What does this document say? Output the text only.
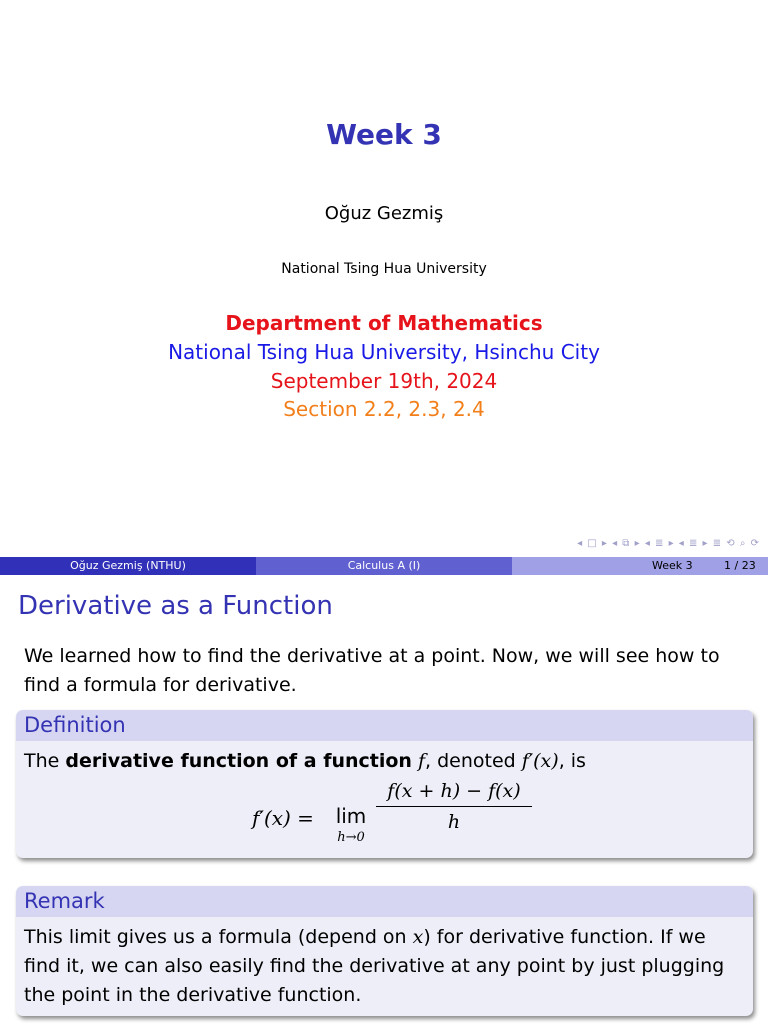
Week 3
Oğuz Gezmiş
National Tsing Hua University
Department of Mathematics
National Tsing Hua University, Hsinchu City
September 19th, 2024
Section 2.2, 2.3, 2.4
◂ □ ▸ ◂ ⧉ ▸ ◂ ≣ ▸ ◂ ≣ ▸ ≣ ⟲ ⌕ ⟳
Oğuz Gezmiş (NTHU)	Calculus A (I)	Week 3	1 / 23
Derivative as a Function
We learned how to find the derivative at a point. Now, we will see how to find a formula for derivative.
Definition
The derivative function of a function f, denoted f′(x), is
f′(x) = lim
h→0
f(x + h) − f(x)
h
Remark
This limit gives us a formula (depend on x) for derivative function. If we find it, we can also easily find the derivative at any point by just plugging the point in the derivative function.
